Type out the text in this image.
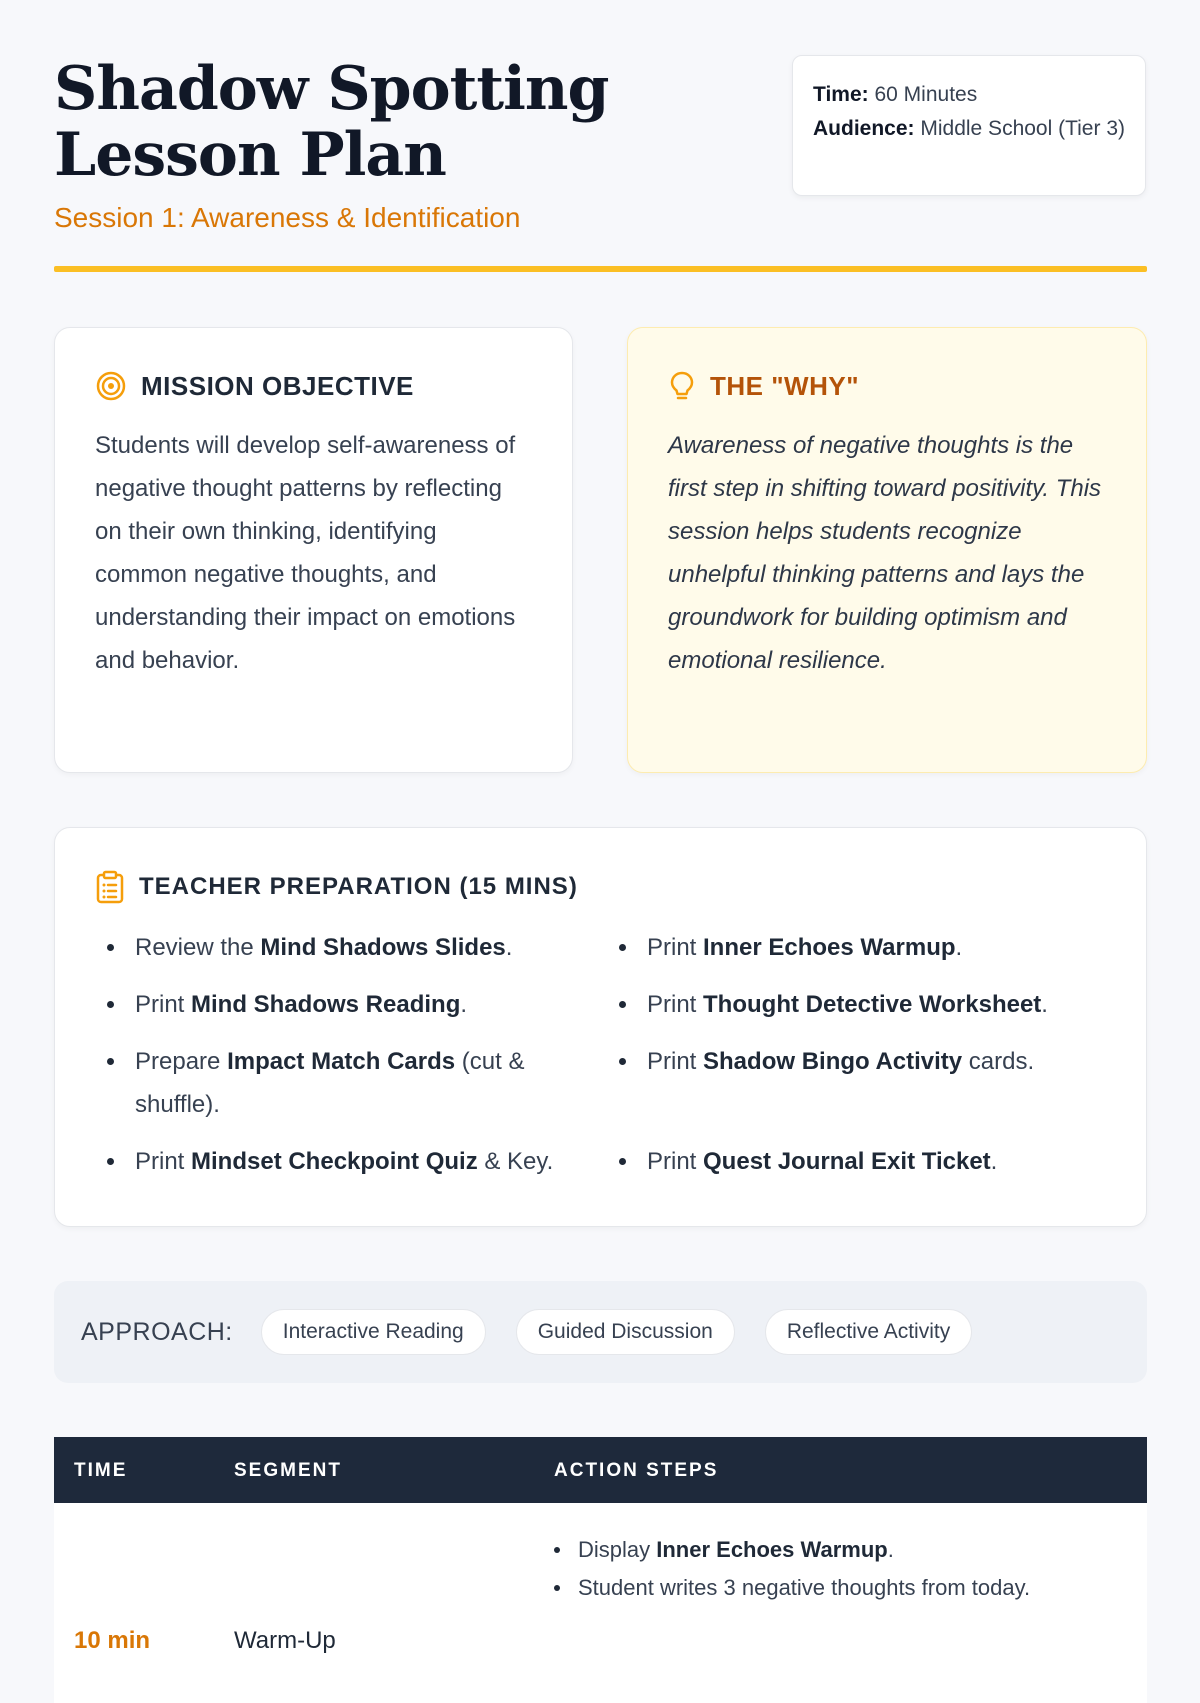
Shadow Spotting Lesson Plan
Session 1: Awareness & Identification
Time: 60 Minutes
Audience: Middle School (Tier 3)
MISSION OBJECTIVE

Students will develop self-awareness of negative thought patterns by reflecting on their own thinking, identifying common negative thoughts, and understanding their impact on emotions and behavior.

THE "WHY"

Awareness of negative thoughts is the first step in shifting toward positivity. This session helps students recognize unhelpful thinking patterns and lays the groundwork for building optimism and emotional resilience.

TEACHER PREPARATION (15 MINS)
Review the Mind Shadows Slides.
Print Mind Shadows Reading.
Prepare Impact Match Cards (cut & shuffle).
Print Mindset Checkpoint Quiz & Key.
Print Inner Echoes Warmup.
Print Thought Detective Worksheet.
Print Shadow Bingo Activity cards.
Print Quest Journal Exit Ticket.
APPROACH:	Interactive Reading	Guided Discussion	Reflective Activity
TIME	SEGMENT	ACTION STEPS
10 min	Warm-Up
Display Inner Echoes Warmup.
Student writes 3 negative thoughts from today.
